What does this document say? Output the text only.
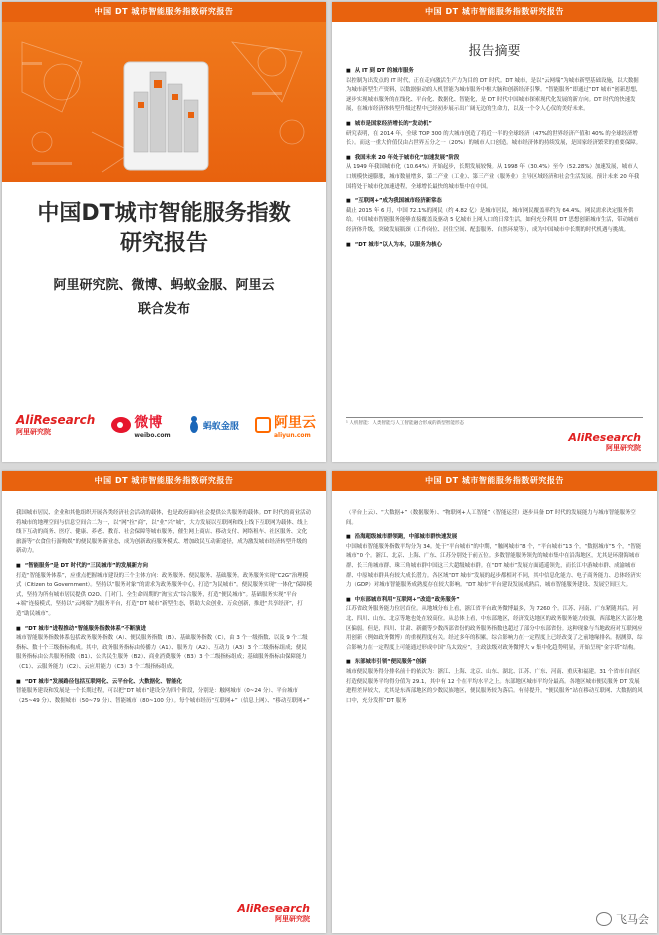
中国 DT 城市智能服务指数研究报告
中国DT城市智能服务指数
研究报告
阿里研究院、微博、蚂蚁金服、阿里云
联合发布
AliResearch
阿里研究院
微博
weibo.com
蚂蚁金服	阿里云
aliyun.com
中国 DT 城市智能服务指数研究报告
报告摘要
■ 从 IT 到 DT 的城市服务

以控制为出发点的 IT 时代，正在走向激活生产力为目的 DT 时代。DT 城市，是以“云网端”为城市新型基础设施，以大数据为城市新型生产资料，以数据驱动的人机智能为城市服务中枢大脑和创新经济引擎。“智能服务”即通过“DT 城市”创新思想，逐步实现城市服务的在线化、平台化、数据化、智能化，是 DT 时代中国城市探索现代化发展的新方向。DT 时代的快速发展，在城市经济体转型升级过程中已经初步展示出广阔无边的生命力，以及一个令人心仪的美好未来。

■ 城市是国家经济增长的“发动机”

研究表明，在 2014 年，全球 TOP 300 的大城市创造了将近一半的全球经济（47%的世界经济产值和 40% 的全球经济增长）。而这一重大价值仅由占世界五分之一（20%）的城市人口创造。城市经济体的持续发展，是国家经济繁荣的重要保障。

■ 我国未来 20 年处于城市化“加速发展”阶段

从 1949 年我国城市化（10.64%）开始起步，长期发展较慢。从 1998 年（30.4%）至今（52.28%）加速发展，城市人口规模快速膨胀，城市数量增多，第二产业（工业）、第三产业（服务业）主导区域经济和社会生活发展。预计未来 20 年我国将处于城市化加速进程，全球增长最快的城市集中在中国。

■ “互联网+”成为我国城市经济新常态

截止 2015 年 6 月，中国 72.1%的网民（约 4.82 亿）是城市居民，城市网民覆盖率约为 64.4%。网民需求决定服务供给。中国城市智能服务能够直接覆盖及驱动 5 亿城市上网人口的日常生活，如何充分利用 DT 思想创新城市生活，带动城市经济体升级，突破发展瓶颈（工作岗位、居住空间、配套服务、自然环境等），成为中国城市中长期的时代机遇与挑战。

■ “DT 城市”以人为本，以服务为核心
¹ 人机智能：人类智能与人工智能融合形成的新型智能形态
AliResearch
阿里研究院
中国 DT 城市智能服务指数研究报告

我国城市居民、企业和其他组织开展各类经济社会活动的载体，也是政府面向社会提供公共服务的载体。DT 时代的商业活动将城市的地理空间与信息空间合二为一，以“网”拉“商”，以“业”兴“城”，大力发展以互联网和线上线下互联网为载体、线上线下互动的商务、医疗、健康、养老、教育、社会保障等城市服务，催生网上商店、移动支付、网络租车、社区服务、文化旅游等“衣食住行游购娱”的便民服务新业态，成为创新政府服务模式、增加政民互动新途径，成为激发城市经济转型升级的新动力。

■ “智能服务”是 DT 时代的“三民城市”的发展新方向

打造“智能服务体系”，应重点把握城市建设的三个主体方向：政务服务、便民服务、基础服务。政务服务实现“C2G”治理模式（Citizen to Government）。坚持以“服务对象”的需求为政务服务中心，打造“为民城市”。便民服务实现“一体化”保障模式，坚持为所有城市居民提供 O2O、门对门、全生命周期的“淘宝式”综合服务，打造“便民城市”。基础服务实现“平台+端”连接模式，坚持以“云网端”为服务平台，打造“DT 城市”新型生态，帮助大众创业、万众创新，推进“共享经济”，打造“助民城市”。

■ “DT 城市”进程推动“智能服务指数体系”不断演进

城市智能服务指数体系包括政务服务指数（A）、便民服务指数（B）、基础服务指数（C），由 3 个一级指数、以及 9 个二级指标、数十个三级指标构成。其中，政务服务指标由传播力（A1）、服务力（A2）、互动力（A3）3 个二级指标组成；便民服务指标由公共服务指数（B1）、公共民生服务（B2）、商业消费服务（B3）3 个二级指标组成；基础服务指标由保障能力（C1）、云服务能力（C2）、云应用能力（C3）3 个二级指标组成。

■ “DT 城市”发展路径包括互联网化、云平台化、大数据化、智能化

智能服务建设和发展是一个长期过程，可以把“DT 城市”建设分为四个阶段，分别是：触网城市（0~24 分）、平台城市（25~49 分）、数据城市（50~79 分）、智能城市（80~100 分）。每个城市经历“互联网+”（信息上网）、“移动互联网+”

AliResearch
阿里研究院
中国 DT 城市智能服务指数研究报告

（平台上云）、“大数据+”（数据服务）、“物联网+人工智能”（智能运营）逐步具备 DT 时代的发展能力与城市智能服务空间。

■ 沿海超级城市群领跑，中部城市群快速发展

中国城市智能服务指数平均分为 34。处于“平台城市”的中期，“触网城市”8 个，“平台城市”13 个，“数据城市”5 个，“智能城市”0 个。浙江、北京、上海、广东、江苏分别处于前五位。多数智能服务领先的城市集中在沿海地区，尤其是环渤海城市群、长三角城市群、珠三角城市群中国这三大超级城市群。在“DT 城市”发展方面遥遥领先，而长江中游城市群、成渝城市群、中原城市群具有较大成长潜力。各区域“DT 城市”发展的起步都相对不同，其中信息化能力、电子商务能力、总体经济实力（GDP）对城市智能服务成熟度存在较大影响。“DT 城市”平台建设发展成熟后，城市智能服务建设、发展空间巨大。

■ 中东部城市利用“互联网+”改造“政务服务”

江苏省政务服务能力位居首位。从地域分布上看，浙江省平台政务微博最多，为 7260 个。江苏、河南、广东紧随其后。河北、四川、山东、北京等地也处在较高位。从总体上看，中东部地区，经济发达地区的政务服务能力较强，西部地区大部分地区偏弱。但是，四川、甘肃、新疆等少数西部省份的政务服务指数也超过了部分中东部省份。这种现象与当地政府对互联网应用创新（例如政务微博）的重视程度有关。经过多年的积累，综合影响力在一定程度上已经改变了之前地缘排名。据测算，综合影响力在一定程度上可能通过形成中国“乌太效应”，主政法级对政务微博大 v 集中化趋势明显，开始呈现“金字塔”结构。

■ 东部城市引领“便民服务”创新

城市便民服务得分排名前十的依次为：浙江、上海、北京、山东、湖北、江苏、广东、河南、重庆和福建。31 个省市自治区打造便民服务平均得分值为 29.1，其中有 12 个在平均水平之上。东部地区城市平均分最高。各地区城市便民服务 DT 发展进程差异较大，尤其是东西部地区的少数民族地区，便民服务较为落后。有待提升，“便民服务”站在移动互联网、大数据的风口中，充分发挥“DT 服务

飞马会
